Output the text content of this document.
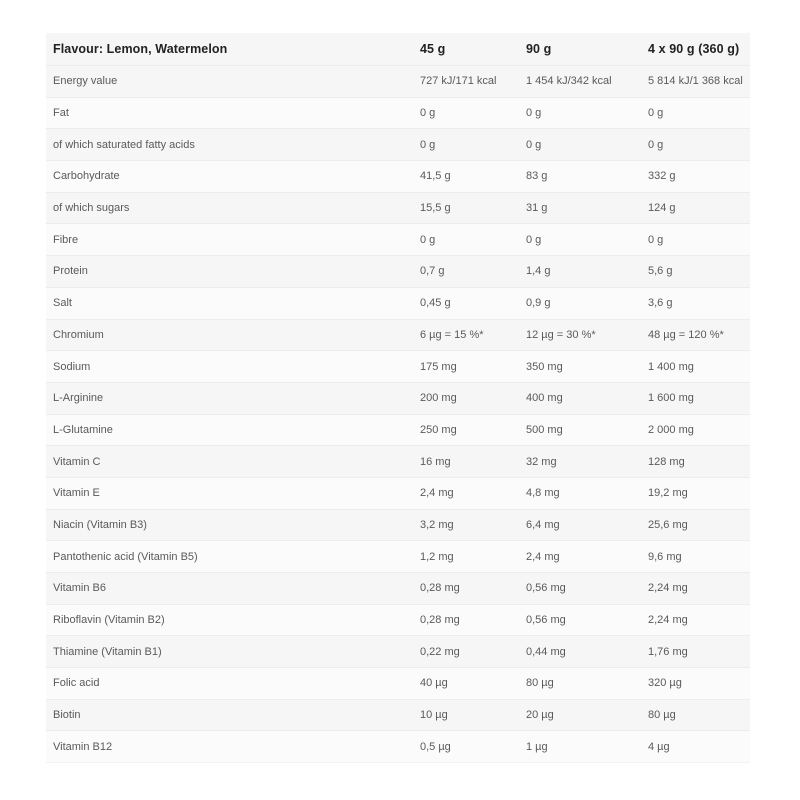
Flavour: Lemon, Watermelon	45 g	90 g	4 x 90 g (360 g)
Energy value	727 kJ/171 kcal	1 454 kJ/342 kcal	5 814 kJ/1 368 kcal
Fat	0 g	0 g	0 g
of which saturated fatty acids	0 g	0 g	0 g
Carbohydrate	41,5 g	83 g	332 g
of which sugars	15,5 g	31 g	124 g
Fibre	0 g	0 g	0 g
Protein	0,7 g	1,4 g	5,6 g
Salt	0,45 g	0,9 g	3,6 g
Chromium	6 µg = 15 %*	12 µg = 30 %*	48 µg = 120 %*
Sodium	175 mg	350 mg	1 400 mg
L-Arginine	200 mg	400 mg	1 600 mg
L-Glutamine	250 mg	500 mg	2 000 mg
Vitamin C	16 mg	32 mg	128 mg
Vitamin E	2,4 mg	4,8 mg	19,2 mg
Niacin (Vitamin B3)	3,2 mg	6,4 mg	25,6 mg
Pantothenic acid (Vitamin B5)	1,2 mg	2,4 mg	9,6 mg
Vitamin B6	0,28 mg	0,56 mg	2,24 mg
Riboflavin (Vitamin B2)	0,28 mg	0,56 mg	2,24 mg
Thiamine (Vitamin B1)	0,22 mg	0,44 mg	1,76 mg
Folic acid	40 µg	80 µg	320 µg
Biotin	10 µg	20 µg	80 µg
Vitamin B12	0,5 µg	1 µg	4 µg
